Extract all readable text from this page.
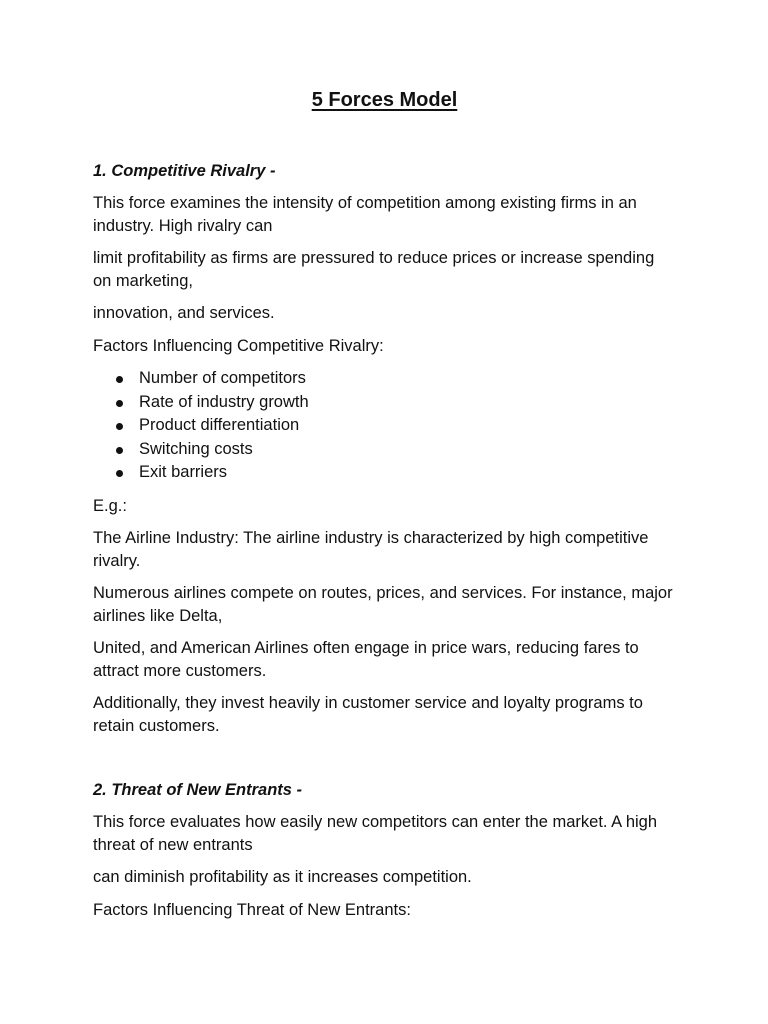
5 Forces Model
1. Competitive Rivalry -

This force examines the intensity of competition among existing firms in an industry. High rivalry can

limit profitability as firms are pressured to reduce prices or increase spending on marketing,

innovation, and services.

Factors Influencing Competitive Rivalry:

Number of competitors
Rate of industry growth
Product differentiation
Switching costs
Exit barriers

E.g.:

The Airline Industry: The airline industry is characterized by high competitive rivalry.

Numerous airlines compete on routes, prices, and services. For instance, major airlines like Delta,

United, and American Airlines often engage in price wars, reducing fares to attract more customers.

Additionally, they invest heavily in customer service and loyalty programs to retain customers.

2. Threat of New Entrants -

This force evaluates how easily new competitors can enter the market. A high threat of new entrants

can diminish profitability as it increases competition.

Factors Influencing Threat of New Entrants:
